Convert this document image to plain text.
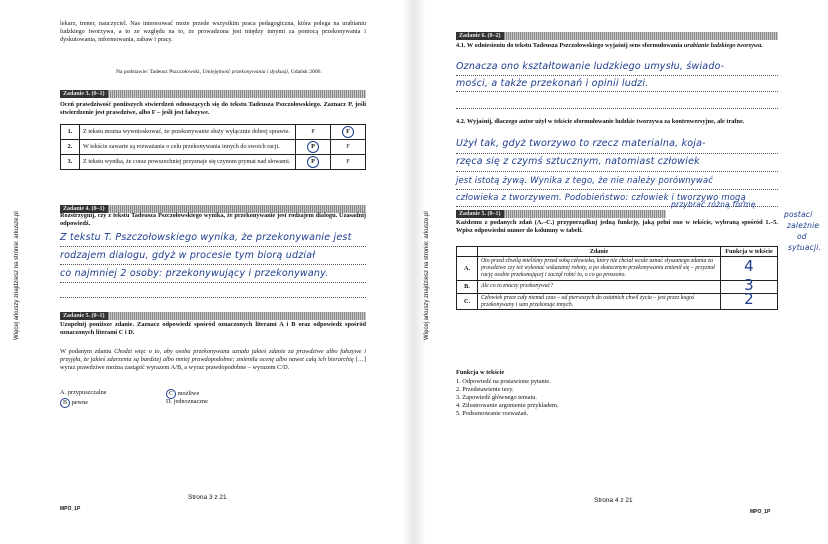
Więcej arkuszy znajdziesz na stronie: arkusze.pl
lekarz, trener, nauczyciel. Nas interesować może przede wszystkim praca pedagogiczna, która polega na urabianiu ludzkiego tworzywa, a to ze względu na to, że prowadzona jest między innymi za pomocą przekonywania i dyskutowania, informowania, zabaw i pracy.
Na podstawie: Tadeusz Pszczołowski, Umiejętność przekonywania i dyskusji, Gdańsk 2006.
Zadanie 3. (0–1)
Oceń prawdziwość poniższych stwierdzeń odnoszących się do tekstu Tadeusza Pszczołowskiego. Zaznacz P, jeśli stwierdzenie jest prawdziwe, albo F – jeśli jest fałszywe.
1.	Z tekstu można wywnioskować, że przekonywanie służy wyłącznie dobrej sprawie.	P	F
2.	W tekście zawarte są rozważania o celu przekonywania innych do swoich racji.	P	F
3.	Z tekstu wynika, że coraz powszechniej przyznaje się czynom prymat nad słowami.	P	F
Zadanie 4. (0–1)
Rozstrzygnij, czy z tekstu Tadeusza Pszczołowskiego wynika, że przekonywanie jest rodzajem dialogu. Uzasadnij odpowiedź.
Z tekstu T. Pszczołowskiego wynika, że przekonywanie jest
rodzajem dialogu, gdyż w procesie tym biorą udział
co najmniej 2 osoby: przekonywujący i przekonywany.
Zadanie 5. (0–1)
Uzupełnij poniższe zdanie. Zaznacz odpowiedź spośród oznaczonych literami A i B oraz odpowiedź spośród oznaczonych literami C i D.
W podanym zdaniu Chodzi więc o to, aby osoba przekonywana uznała jakieś zdanie za prawdziwe albo fałszywe i przyjęła, że jakieś zdarzenia są bardziej albo mniej prawdopodobne; zmieniła ocenę albo nawet całą ich hierarchię […] wyraz prawdziwe można zastąpić wyrazem A/B, a wyraz prawdopodobne – wyrazem C/D.
A. przypuszczalne
B pewne
C możliwe
D. jednoznaczne
Strona 3 z 21
MPO_1P
Więcej arkuszy znajdziesz na stronie: arkusze.pl
Zadanie 6. (0–2)
4.1. W odniesieniu do tekstu Tadeusza Pszczołowskiego wyjaśnij sens sformułowania urabianie ludzkiego tworzywa.
Oznacza ono kształtowanie ludzkiego umysłu, świado-
mości, a także przekonań i opinii ludzi.
4.2. Wyjaśnij, dlaczego autor użył w tekście sformułowanie ludzkie tworzywa za kontrowersyjne, ale trafne.
Użył tak, gdyż tworzywo to rzecz materialna, koja-
rzęca się z czymś sztucznym, natomiast człowiek
jest istotą żywą. Wynika z tego, że nie należy porównywać
człowieka z tworzywem. Podobieństwo: człowiek i tworzywo mogą
przybrać różną formę
postaci
zależnie
od
sytuacji.
Zadanie 5. (0–1)
Każdemu z podanych zdań (A.–C.) przyporządkuj jedną funkcję, jaką pełni ono w tekście, wybraną spośród 1.–5. Wpisz odpowiedni numer do kolumny w tabeli.
	Zdanie	Funkcja w tekście
A.	Oto przed chwilą mieliśmy przed sobą człowieka, który nie chciał wcale uznać słyszanego zdania za prawdziwe czy też wykonać wskazanej roboty, a po skutecznym przekonywaniu zmienił się – przyznał rację osobie przekonującej i zaczął robić to, o co go proszono.	4
B.	Ale co to znaczy przekonywać?	3
C.	Człowiek przez cały niemal czas – od pierwszych do ostatnich chwil życia – jest przez kogoś przekonywany i sam przekonuje innych.	2
Funkcja w tekście
1. Odpowiedź na postawione pytanie.
2. Przedstawienie tezy.
3. Zapowiedź głównego tematu.
4. Zilustrowanie argumentu przykładem.
5. Podsumowanie rozważań.
Strona 4 z 21
MPO_1P
